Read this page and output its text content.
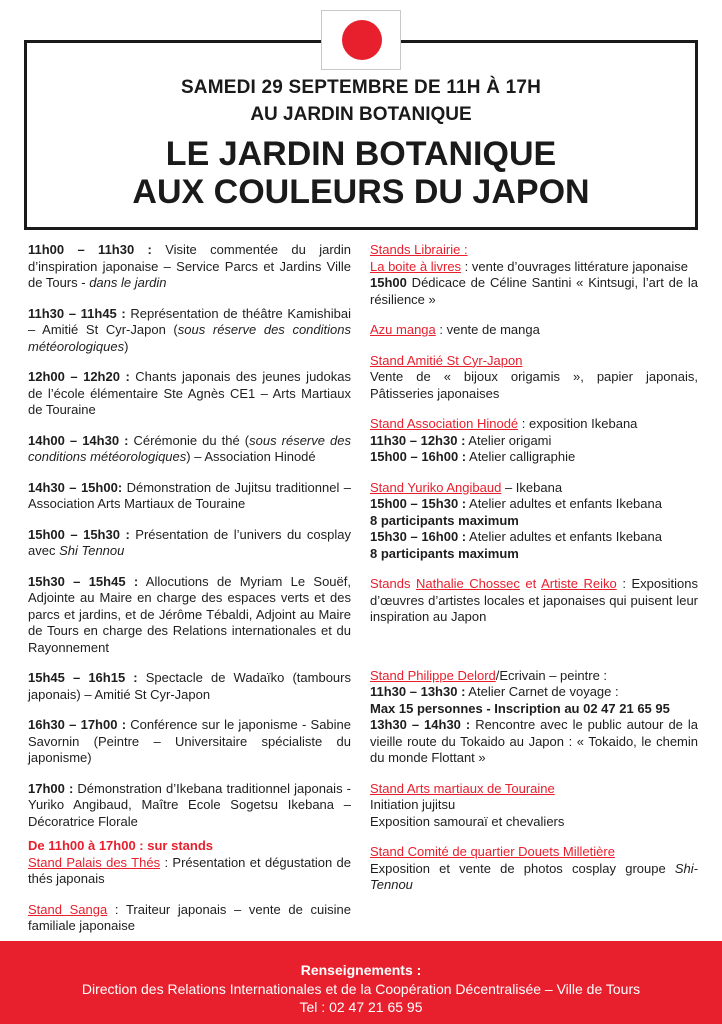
SAMEDI 29 SEPTEMBRE DE 11H À 17H
AU JARDIN BOTANIQUE
LE JARDIN BOTANIQUE
AUX COULEURS DU JAPON

11h00 – 11h30 : Visite commentée du jardin d’inspiration japonaise – Service Parcs et Jardins Ville de Tours - dans le jardin

11h30 – 11h45 : Représentation de théâtre Kamishibai – Amitié St Cyr-Japon (sous réserve des conditions météorologiques)

12h00 – 12h20 : Chants japonais des jeunes judokas de l’école élémentaire Ste Agnès CE1 – Arts Martiaux de Touraine

14h00 – 14h30 : Cérémonie du thé (sous réserve des conditions météorologiques) – Association Hinodé

14h30 – 15h00: Démonstration de Jujitsu traditionnel – Association Arts Martiaux de Touraine

15h00 – 15h30 : Présentation de l’univers du cosplay avec Shi Tennou

15h30 – 15h45 : Allocutions de Myriam Le Souëf, Adjointe au Maire en charge des espaces verts et des parcs et jardins, et de Jérôme Tébaldi, Adjoint au Maire de Tours en charge des Relations internationales et du Rayonnement

15h45 – 16h15 : Spectacle de Wadaïko (tambours japonais) – Amitié St Cyr-Japon

16h30 – 17h00 : Conférence sur le japonisme - Sabine Savornin (Peintre – Universitaire spécialiste du japonisme)

17h00 : Démonstration d’Ikebana traditionnel japonais - Yuriko Angibaud, Maître Ecole Sogetsu Ikebana – Décoratrice Florale

De 11h00 à 17h00 : sur stands

Stand Palais des Thés : Présentation et dégustation de thés japonais

Stand Sanga : Traiteur japonais – vente de cuisine familiale japonaise

Stands Librairie :

La boite à livres : vente d’ouvrages littérature japonaise

15h00 Dédicace de Céline Santini « Kintsugi, l’art de la résilience »

Azu manga : vente de manga

Stand Amitié St Cyr-Japon

Vente de « bijoux origamis », papier japonais, Pâtisseries japonaises

Stand Association Hinodé : exposition Ikebana

11h30 – 12h30 : Atelier origami

15h00 – 16h00 : Atelier calligraphie

Stand Yuriko Angibaud – Ikebana

15h00 – 15h30 : Atelier adultes et enfants Ikebana

8 participants maximum

15h30 – 16h00 : Atelier adultes et enfants Ikebana

8 participants maximum

Stands Nathalie Chossec et Artiste Reiko : Expositions d’œuvres d’artistes locales et japonaises qui puisent leur inspiration au Japon

Stand Philippe Delord/Ecrivain – peintre :

11h30 – 13h30 : Atelier Carnet de voyage :

Max 15 personnes - Inscription au 02 47 21 65 95

13h30 – 14h30 : Rencontre avec le public autour de la vieille route du Tokaido au Japon : « Tokaido, le chemin du monde Flottant »

Stand Arts martiaux de Touraine

Initiation jujitsu

Exposition samouraï et chevaliers

Stand Comité de quartier Douets Milletière

Exposition et vente de photos cosplay groupe Shi-Tennou

Renseignements :
Direction des Relations Internationales et de la Coopération Décentralisée – Ville de Tours
Tel : 02 47 21 65 95
